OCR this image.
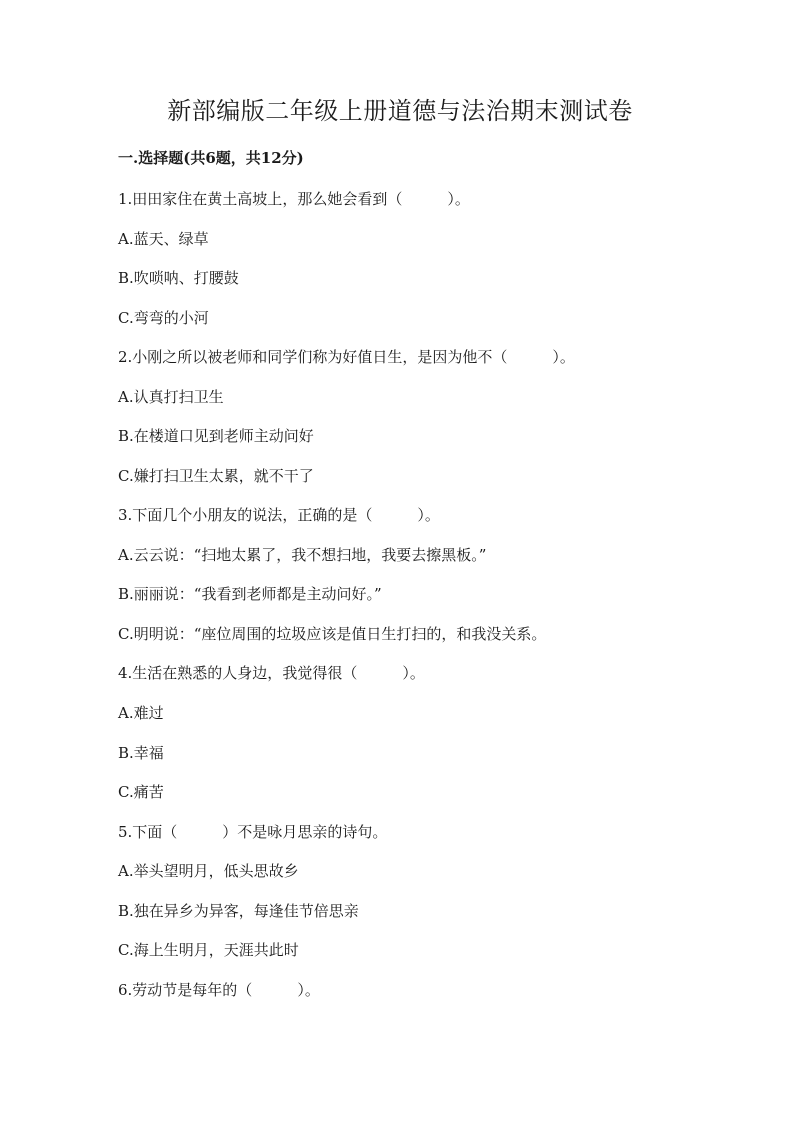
新部编版二年级上册道德与法治期末测试卷
一.选择题(共6题，共12分)
1.田田家住在黄土高坡上，那么她会看到（　　　）。
A.蓝天、绿草
B.吹唢呐、打腰鼓
C.弯弯的小河
2.小刚之所以被老师和同学们称为好值日生，是因为他不（　　　）。
A.认真打扫卫生
B.在楼道口见到老师主动问好
C.嫌打扫卫生太累，就不干了
3.下面几个小朋友的说法，正确的是（　　　）。
A.云云说：“扫地太累了，我不想扫地，我要去擦黑板。”
B.丽丽说：“我看到老师都是主动问好。”
C.明明说：“座位周围的垃圾应该是值日生打扫的，和我没关系。
4.生活在熟悉的人身边，我觉得很（　　　）。
A.难过
B.幸福
C.痛苦
5.下面（　　　）不是咏月思亲的诗句。
A.举头望明月，低头思故乡
B.独在异乡为异客，每逢佳节倍思亲
C.海上生明月，天涯共此时
6.劳动节是每年的（　　　）。
